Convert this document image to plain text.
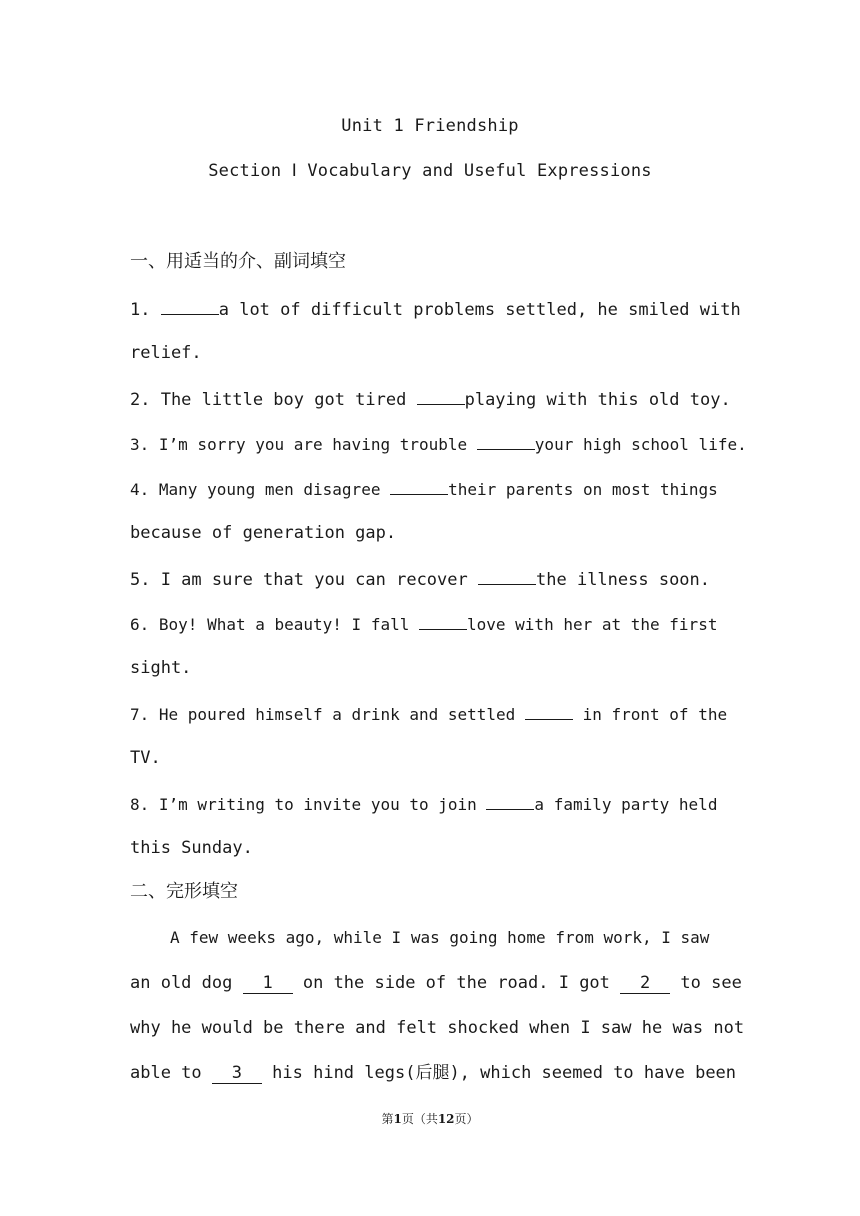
Unit 1 Friendship
Section Ⅰ Vocabulary and Useful Expressions
一、用适当的介、副词填空
1.	a lot of difficult problems settled, he smiled with
relief.
2. The little boy got tired	playing with this old toy.
3. I’m sorry you are having trouble	your high school life.
4. Many young men disagree	their parents on most things
because of generation gap.
5. I am sure that you can recover	the illness soon.
6. Boy! What a beauty! I fall	love with her at the first
sight.
7. He poured himself a drink and settled	in front of the
TV.
8. I’m writing to invite you to join	a family party held
this Sunday.
二、完形填空
A few weeks ago, while I was going home from work, I saw
an old dog 1 on the side of the road. I got 2 to see
why he would be there and felt shocked when I saw he was not
able to 3 his hind legs(后腿), which seemed to have been
第1页（共12页）
